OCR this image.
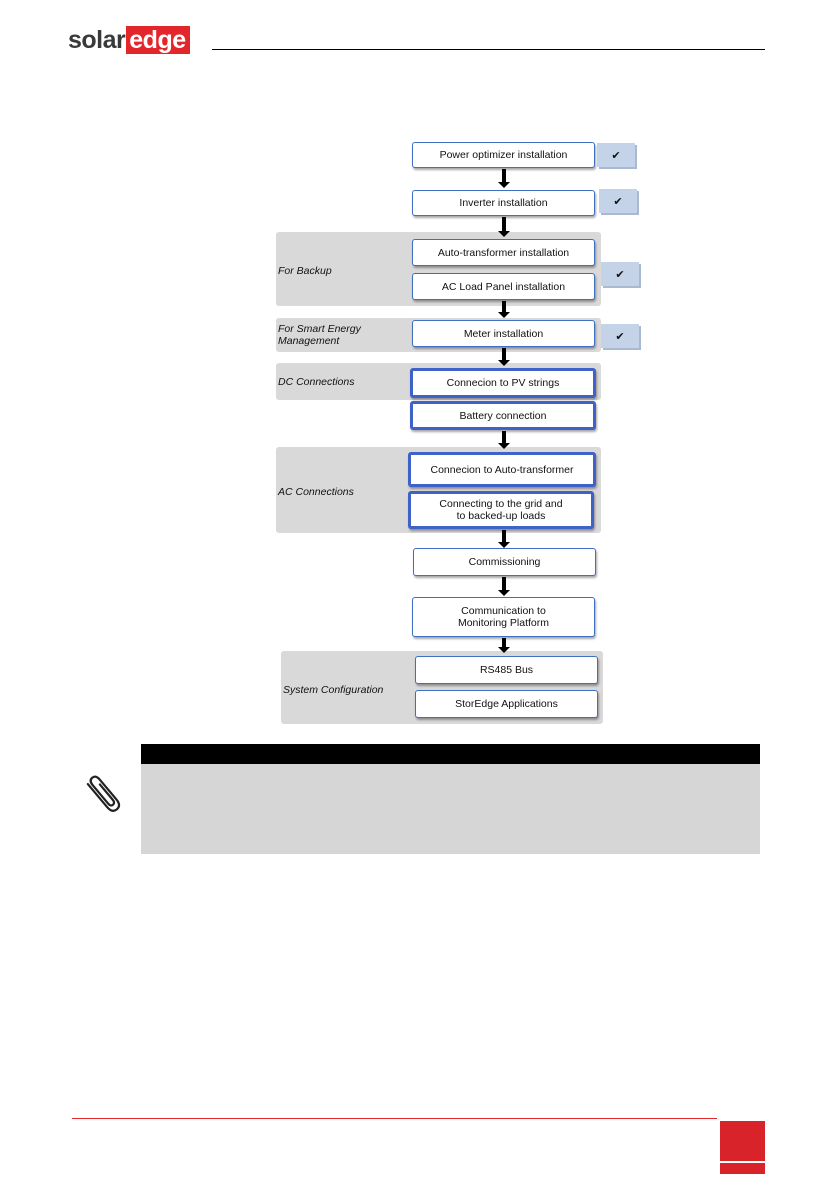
solar edge
For Backup
For Smart Energy
Management
DC Connections
AC Connections
System Configuration
Power optimizer installation
Inverter installation
Auto-transformer installation
AC Load Panel installation
Meter installation
Connecion to PV strings
Battery connection
Connecion to Auto-transformer
Connecting to the grid and
to backed-up loads
Commissioning
Communication to
Monitoring Platform
RS485 Bus
StorEdge Applications
✔
✔
✔
✔
